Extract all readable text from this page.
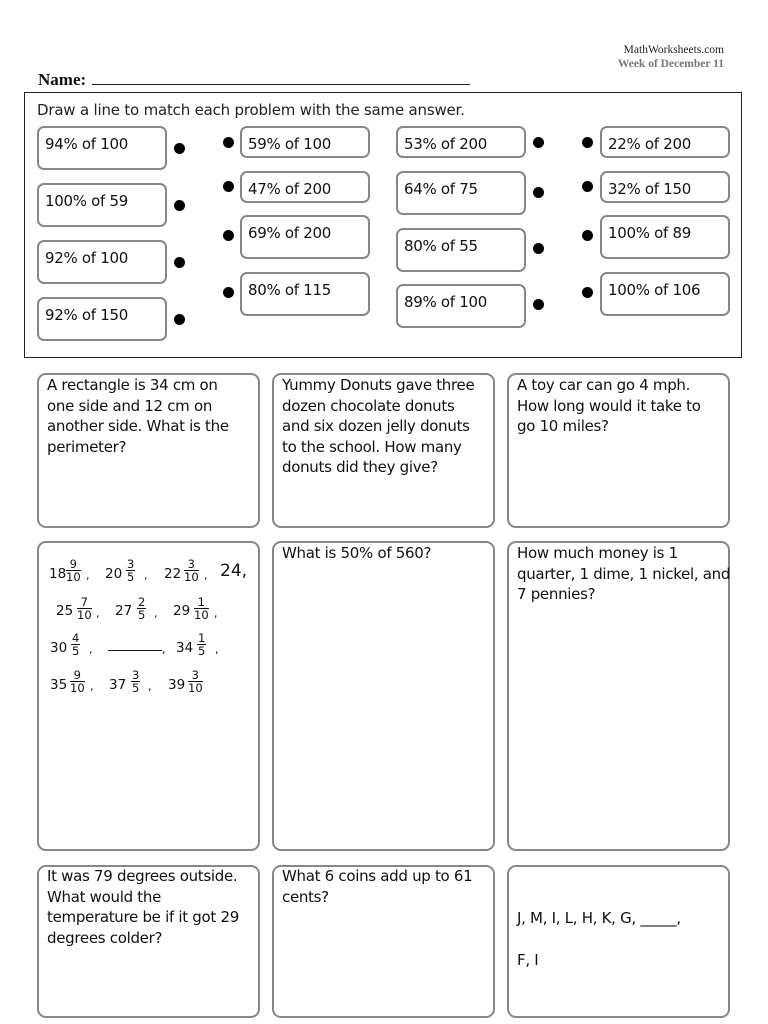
MathWorksheets.com
Week of December 11
Name:
Draw a line to match each problem with the same answer.
94% of 100
100% of 59
92% of 100
92% of 150
59% of 100
47% of 200
69% of 200
80% of 115
53% of 200
64% of 75
80% of 55
89% of 100
22% of 200
32% of 150
100% of 89
100% of 106
A rectangle is 34 cm on
one side and 12 cm on
another side. What is the
perimeter?
Yummy Donuts gave three
dozen chocolate donuts
and six dozen jelly donuts
to the school. How many
donuts did they give?
A toy car can go 4 mph.
How long would it take to
go 10 miles?
$18 \frac{9}{10}$ , $20 \frac{3}{5}$ , $22 \frac{3}{10}$ , 24,
$25 \frac{7}{10}$ , $27 \frac{2}{5}$ , $29 \frac{1}{10}$ ,
$30 \frac{4}{5}$ ,	, $34 \frac{1}{5}$ ,
$35 \frac{9}{10}$ , $37 \frac{3}{5}$ , $39 \frac{3}{10}$
What is 50% of 560?	How much money is 1
quarter, 1 dime, 1 nickel, and
7 pennies?
It was 79 degrees outside.
What would the
temperature be if it got 29
degrees colder?
What 6 coins add up to 61
cents?
J, M, I, L, H, K, G, _____,
F, I
